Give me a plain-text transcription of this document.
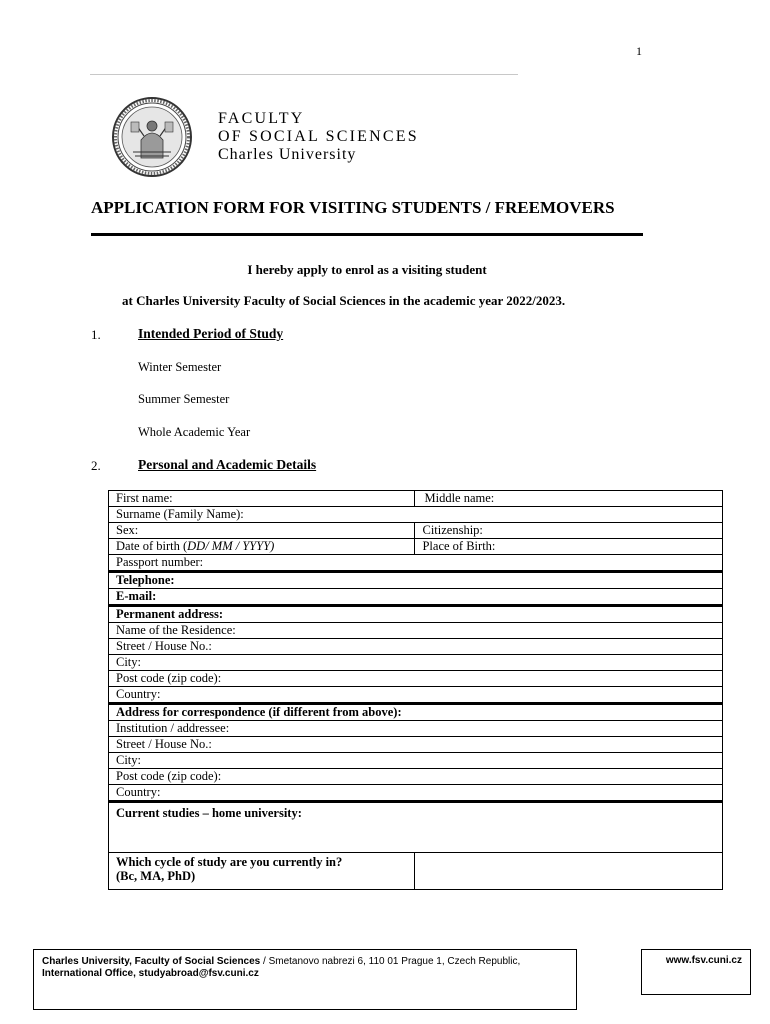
1
FACULTY
OF SOCIAL SCIENCES
Charles University
APPLICATION FORM FOR VISITING STUDENTS / FREEMOVERS
I hereby apply to enrol as a visiting student
at Charles University Faculty of Social Sciences in the academic year 2022/2023.
1.	Intended Period of Study
Winter Semester
Summer Semester
Whole Academic Year
2.	Personal and Academic Details
First name:	Middle name:
Surname (Family Name):	
Sex:	Citizenship:
Date of birth (DD/ MM / YYYY)	Place of Birth:
Passport number:	
Telephone:	
E-mail:	
Permanent address:	
Name of the Residence:	
Street / House No.:	
City:	
Post code (zip code):	
Country:	
Address for correspondence (if different from above):	
Institution / addressee:	
Street / House No.:	
City:	
Post code (zip code):	
Country:	
Current studies – home university:	

Which cycle of study are you currently in?
(Bc, MA, PhD)	

Charles University, Faculty of Social Sciences / Smetanovo nabrezi 6, 110 01 Prague 1, Czech Republic, International Office, studyabroad@fsv.cuni.cz
www.fsv.cuni.cz
